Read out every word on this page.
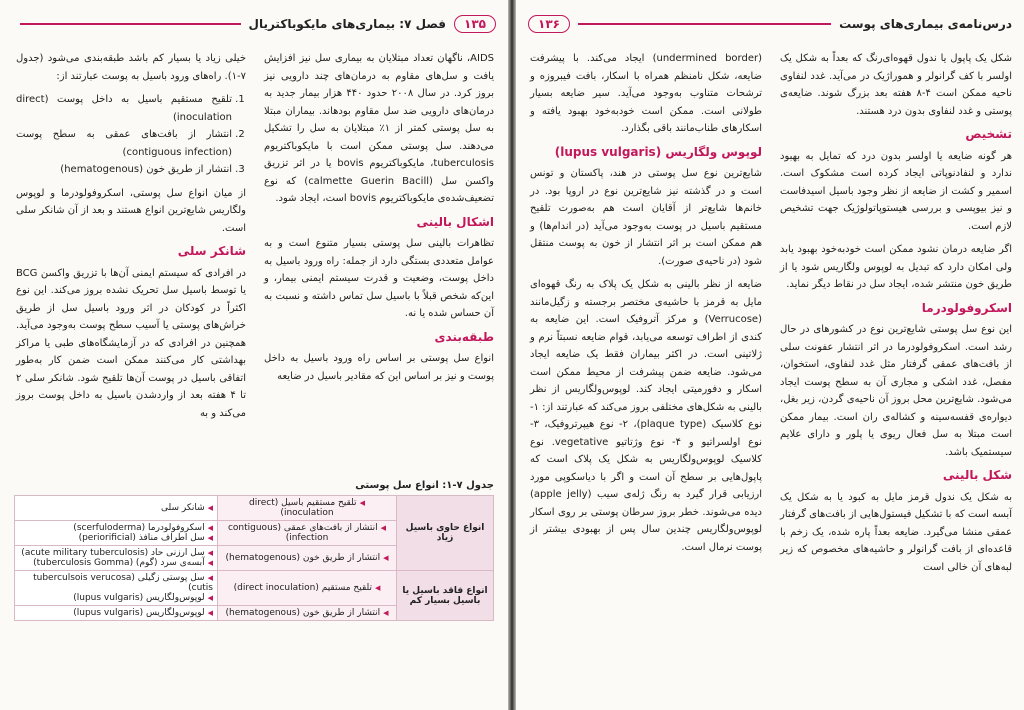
۱۳۵
فصل ۷: بیماری‌های مایکوباکتریال

AIDS، ناگهان تعداد مبتلایان به بیماری سل نیز افزایش یافت و سل‌های مقاوم به درمان‌های چند دارویی نیز بروز کرد. در سال ۲۰۰۸ حدود ۴۴۰ هزار بیمار جدید به درمان‌های دارویی ضد سل مقاوم بودهاند. بیماران مبتلا به سل پوستی کمتر از ۱٪ مبتلایان به سل را تشکیل می‌دهند. سل پوستی ممکن است با مایکوباکتریوم tuberculosis، مایکوباکتریوم bovis یا در اثر تزریق واکسن سل (calmette Guerin Bacill) که نوع تضعیف‌شده‌ی مایکوباکتریوم bovis است، ایجاد شود.

اشکال بالینی

تظاهرات بالینی سل پوستی بسیار متنوع است و به عوامل متعددی بستگی دارد از جمله: راه ورود باسیل به داخل پوست، وضعیت و قدرت سیستم ایمنی بیمار، و این‌که شخص قبلاً با باسیل سل تماس داشته و نسبت به آن حساس شده یا نه.

طبقه‌بندی

انواع سل پوستی بر اساس راه ورود باسیل به داخل پوست و نیز بر اساس این که مقادیر باسیل در ضایعه

خیلی زیاد یا بسیار کم باشد طبقه‌بندی می‌شود (جدول ۷-۱). راه‌های ورود باسیل به پوست عبارتند از:

1. تلقیح مستقیم باسیل به داخل پوست (direct inoculation)
2. انتشار از بافت‌های عمقی به سطح پوست (contiguous infection)
3. انتشار از طریق خون (hematogenous)

از میان انواع سل پوستی، اسکروفولودرما و لوپوس ولگاریس شایع‌ترین انواع هستند و بعد از آن شانکر سلی است.

شانکر سلی

در افرادی که سیستم ایمنی آن‌ها با تزریق واکسن BCG یا توسط باسیل سل تحریک نشده بروز می‌کند. این نوع اکثراً در کودکان در اثر ورود باسیل سل از طریق خراش‌های پوستی یا آسیب سطح پوست به‌وجود می‌آید. همچنین در افرادی که در آزمایشگاه‌های طبی یا مراکز بهداشتی کار می‌کنند ممکن است ضمن کار به‌طور اتفاقی باسیل در پوست آن‌ها تلقیح شود. شانکر سلی ۲ تا ۴ هفته بعد از واردشدن باسیل به داخل پوست بروز می‌کند و به

جدول ۷-۱: انواع سل پوستی
انواع حاوی باسیل زیاد	◀تلقیح مستقیم باسیل (direct inoculation)	◀شانکر سلی

	◀انتشار از بافت‌های عمقی (contiguous infection)	◀اسکروفولودرما (scerfuloderma)
◀سل اطراف منافذ (periorificial)

	◀انتشار از طریق خون (hematogenous)	◀سل ارزنی حاد (acute military tuberculosis)
◀آبسه‌ی سرد (گوم) (tuberculosis Gomma)

انواع فاقد باسیل یا باسیل بسیار کم	◀تلقیح مستقیم (direct inoculation)	◀سل پوستی زگیلی (tuberculsois verucosa cutis)
◀لوپوس‌ولگاریس (lupus vulgaris)

	◀انتشار از طریق خون (hematogenous)	◀لوپوس‌ولگاریس (lupus vulgaris)
درس‌نامه‌ی بیماری‌های پوست
۱۳۶

شکل یک پاپول یا ندول قهوه‌ای‌رنگ که بعداً به شکل یک اولسر با کف گرانولر و هموراژیک در می‌آید. غدد لنفاوی ناحیه ممکن است ۴-۸ هفته بعد بزرگ شوند. ضایعه‌ی پوستی و غدد لنفاوی بدون درد هستند.

تشخیص

هر گونه ضایعه یا اولسر بدون درد که تمایل به بهبود ندارد و لنفادنوپاتی ایجاد کرده است مشکوک است. اسمیر و کشت از ضایعه از نظر وجود باسیل اسیدفاست و نیز بیوپسی و بررسی هیستوپاتولوژیک جهت تشخیص لازم است.

اگر ضایعه درمان نشود ممکن است خودبه‌خود بهبود یابد ولی امکان دارد که تبدیل به لوپوس ولگاریس شود یا از طریق خون منتشر شده، ایجاد سل در نقاط دیگر نماید.

اسکروفولودرما

این نوع سل پوستی شایع‌ترین نوع در کشورهای در حال رشد است. اسکروفولودرما در اثر انتشار عفونت سلی از بافت‌های عمقی گرفتار مثل غدد لنفاوی، استخوان، مفصل، غدد اشکی و مجاری آن به سطح پوست ایجاد می‌شود. شایع‌ترین محل بروز آن ناحیه‌ی گردن، زیر بغل، دیواره‌ی قفسه‌سینه و کشاله‌ی ران است. بیمار ممکن است مبتلا به سل فعال ریوی یا پلور و دارای علایم سیستمیک باشد.

شکل بالینی

به شکل یک ندول قرمز مایل به کبود یا به شکل یک آبسه است که با تشکیل فیستول‌هایی از بافت‌های گرفتار عمقی منشا می‌گیرد. ضایعه بعداً پاره شده، یک زخم با قاعده‌ای از بافت گرانولر و حاشیه‌های مخصوص که زیر لبه‌های آن خالی است

(undermined border) ایجاد می‌کند. با پیشرفت ضایعه، شکل نامنظم همراه با اسکار، بافت فیبروزه و ترشحات متناوب به‌وجود می‌آید. سیر ضایعه بسیار طولانی است. ممکن است خودبه‌خود بهبود یافته و اسکارهای طناب‌مانند باقی بگذارد.

لوپوس ولگاریس (lupus vulgaris)

شایع‌ترین نوع سل پوستی در هند، پاکستان و تونس است و در گذشته نیز شایع‌ترین نوع در اروپا بود. در خانم‌ها شایع‌تر از آقایان است هم به‌صورت تلقیح مستقیم باسیل در پوست به‌وجود می‌آید (در اندام‌ها) و هم ممکن است بر اثر انتشار از خون به پوست منتقل شود (در ناحیه‌ی صورت).

ضایعه از نظر بالینی به شکل یک پلاک به رنگ قهوه‌ای مایل به قرمز با حاشیه‌ی مختصر برجسته و زگیل‌مانند (Verrucose) و مرکز آتروفیک است. این ضایعه به کندی از اطراف توسعه می‌یابد، قوام ضایعه نسبتاً نرم و ژلاتینی است. در اکثر بیماران فقط یک ضایعه ایجاد می‌شود. ضایعه ضمن پیشرفت از محیط ممکن است اسکار و دفورمیتی ایجاد کند. لوپوس‌ولگاریس از نظر بالینی به شکل‌های مختلفی بروز می‌کند که عبارتند از: ۱- نوع کلاسیک (plaque type)، ۲- نوع هیپرتروفیک، ۳- نوع اولسراتیو و ۴- نوع وژتاتیو vegetative. نوع کلاسیک لوپوس‌ولگاریس به شکل یک پلاک است که پاپول‌هایی بر سطح آن است و اگر با دیاسکوپی مورد ارزیابی قرار گیرد به رنگ ژله‌ی سیب (apple jelly) دیده می‌شوند. خطر بروز سرطان پوستی بر روی اسکار لوپوس‌ولگاریس چندین سال پس از بهبودی بیشتر از پوست نرمال است.
